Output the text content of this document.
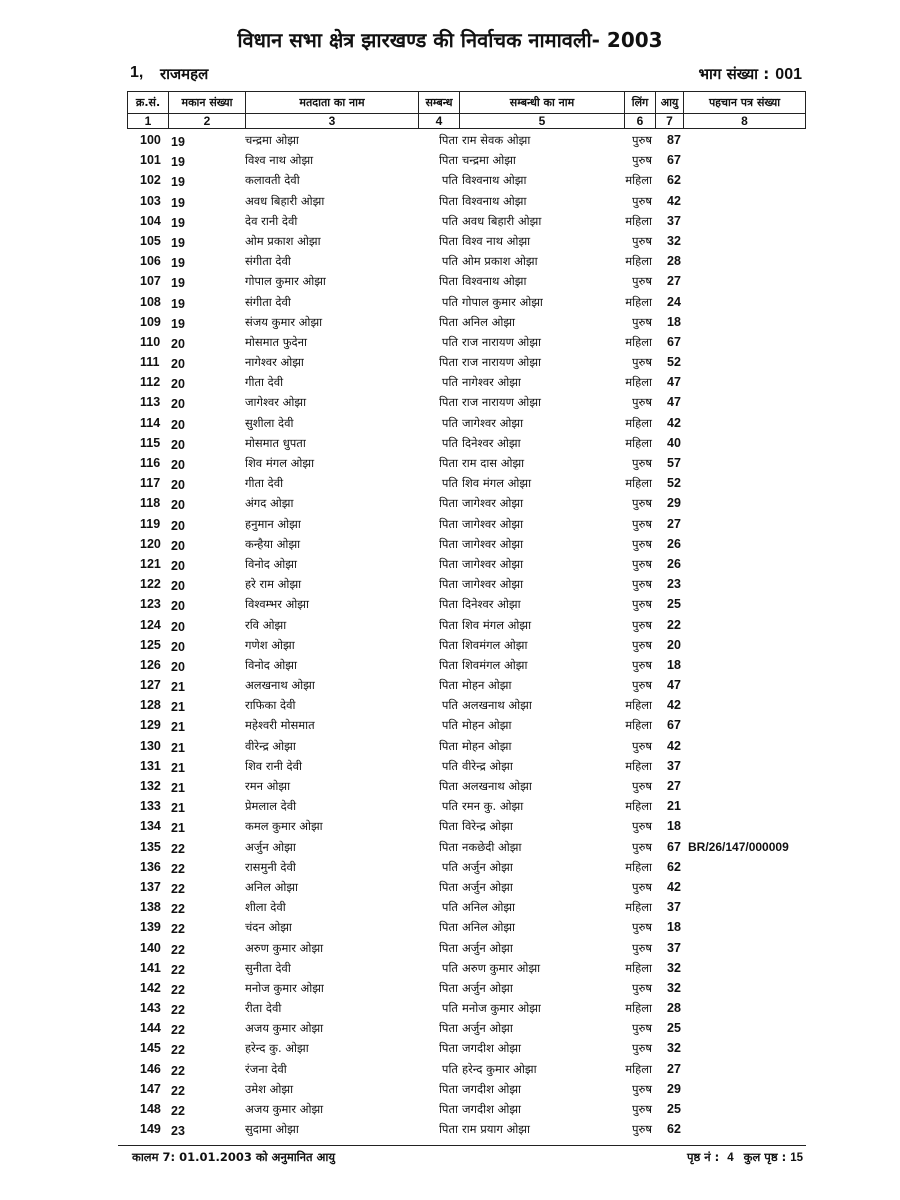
विधान सभा क्षेत्र झारखण्ड की निर्वाचक नामावली- 2003
1, राजमहल	भाग संख्या : 001
क्र.सं.	मकान संख्या	मतदाता का नाम	सम्बन्ध	सम्बन्धी का नाम	लिंग	आयु	पहचान पत्र संख्या
1	2	3	4	5	6	7	8
100 19	चन्द्रमा ओझा	पिता राम सेवक ओझा	पुरुष 87
101 19	विश्व नाथ ओझा	पिता चन्द्रमा ओझा	पुरुष 67
102 19	कलावती देवी	पति विश्वनाथ ओझा	महिला 62
103 19	अवध बिहारी ओझा	पिता विश्वनाथ ओझा	पुरुष 42
104 19	देव रानी देवी	पति अवध बिहारी ओझा	महिला 37
105 19	ओम प्रकाश ओझा	पिता विश्व नाथ ओझा	पुरुष 32
106 19	संगीता देवी	पति ओम प्रकाश ओझा	महिला 28
107 19	गोपाल कुमार ओझा	पिता विश्वनाथ ओझा	पुरुष 27
108 19	संगीता देवी	पति गोपाल कुमार ओझा	महिला 24
109 19	संजय कुमार ओझा	पिता अनिल ओझा	पुरुष 18
110 20	मोसमात फुदेना	पति राज नारायण ओझा	महिला 67
111 20	नागेश्वर ओझा	पिता राज नारायण ओझा	पुरुष 52
112 20	गीता देवी	पति नागेश्वर ओझा	महिला 47
113 20	जागेश्वर ओझा	पिता राज नारायण ओझा	पुरुष 47
114 20	सुशीला देवी	पति जागेश्वर ओझा	महिला 42
115 20	मोसमात धुपता	पति दिनेश्वर ओझा	महिला 40
116 20	शिव मंगल ओझा	पिता राम दास ओझा	पुरुष 57
117 20	गीता देवी	पति शिव मंगल ओझा	महिला 52
118 20	अंगद ओझा	पिता जागेश्वर ओझा	पुरुष 29
119 20	हनुमान ओझा	पिता जागेश्वर ओझा	पुरुष 27
120 20	कन्हैया ओझा	पिता जागेश्वर ओझा	पुरुष 26
121 20	विनोद ओझा	पिता जागेश्वर ओझा	पुरुष 26
122 20	हरे राम ओझा	पिता जागेश्वर ओझा	पुरुष 23
123 20	विश्वम्भर ओझा	पिता दिनेश्वर ओझा	पुरुष 25
124 20	रवि ओझा	पिता शिव मंगल ओझा	पुरुष 22
125 20	गणेश ओझा	पिता शिवमंगल ओझा	पुरुष 20
126 20	विनोद ओझा	पिता शिवमंगल ओझा	पुरुष 18
127 21	अलखनाथ ओझा	पिता मोहन ओझा	पुरुष 47
128 21	राफिका देवी	पति अलखनाथ ओझा	महिला 42
129 21	महेश्वरी मोसमात	पति मोहन ओझा	महिला 67
130 21	वीरेन्द्र ओझा	पिता मोहन ओझा	पुरुष 42
131 21	शिव रानी देवी	पति वीरेन्द्र ओझा	महिला 37
132 21	रमन ओझा	पिता अलखनाथ ओझा	पुरुष 27
133 21	प्रेमलाल देवी	पति रमन कु. ओझा	महिला 21
134 21	कमल कुमार ओझा	पिता विरेन्द्र ओझा	पुरुष 18
135 22	अर्जुन ओझा	पिता नकछेदी ओझा	पुरुष 67 BR/26/147/000009
136 22	रासमुनी देवी	पति अर्जुन ओझा	महिला 62
137 22	अनिल ओझा	पिता अर्जुन ओझा	पुरुष 42
138 22	शीला देवी	पति अनिल ओझा	महिला 37
139 22	चंदन ओझा	पिता अनिल ओझा	पुरुष 18
140 22	अरुण कुमार ओझा	पिता अर्जुन ओझा	पुरुष 37
141 22	सुनीता देवी	पति अरुण कुमार ओझा	महिला 32
142 22	मनोज कुमार ओझा	पिता अर्जुन ओझा	पुरुष 32
143 22	रीता देवी	पति मनोज कुमार ओझा	महिला 28
144 22	अजय कुमार ओझा	पिता अर्जुन ओझा	पुरुष 25
145 22	हरेन्द कु. ओझा	पिता जगदीश ओझा	पुरुष 32
146 22	रंजना देवी	पति हरेन्द कुमार ओझा	महिला 27
147 22	उमेश ओझा	पिता जगदीश ओझा	पुरुष 29
148 22	अजय कुमार ओझा	पिता जगदीश ओझा	पुरुष 25
149 23	सुदामा ओझा	पिता राम प्रयाग ओझा	पुरुष 62
कालम 7: 01.01.2003 को अनुमानित आयु	पृष्ठ नं : 4 कुल पृष्ठ : 15
